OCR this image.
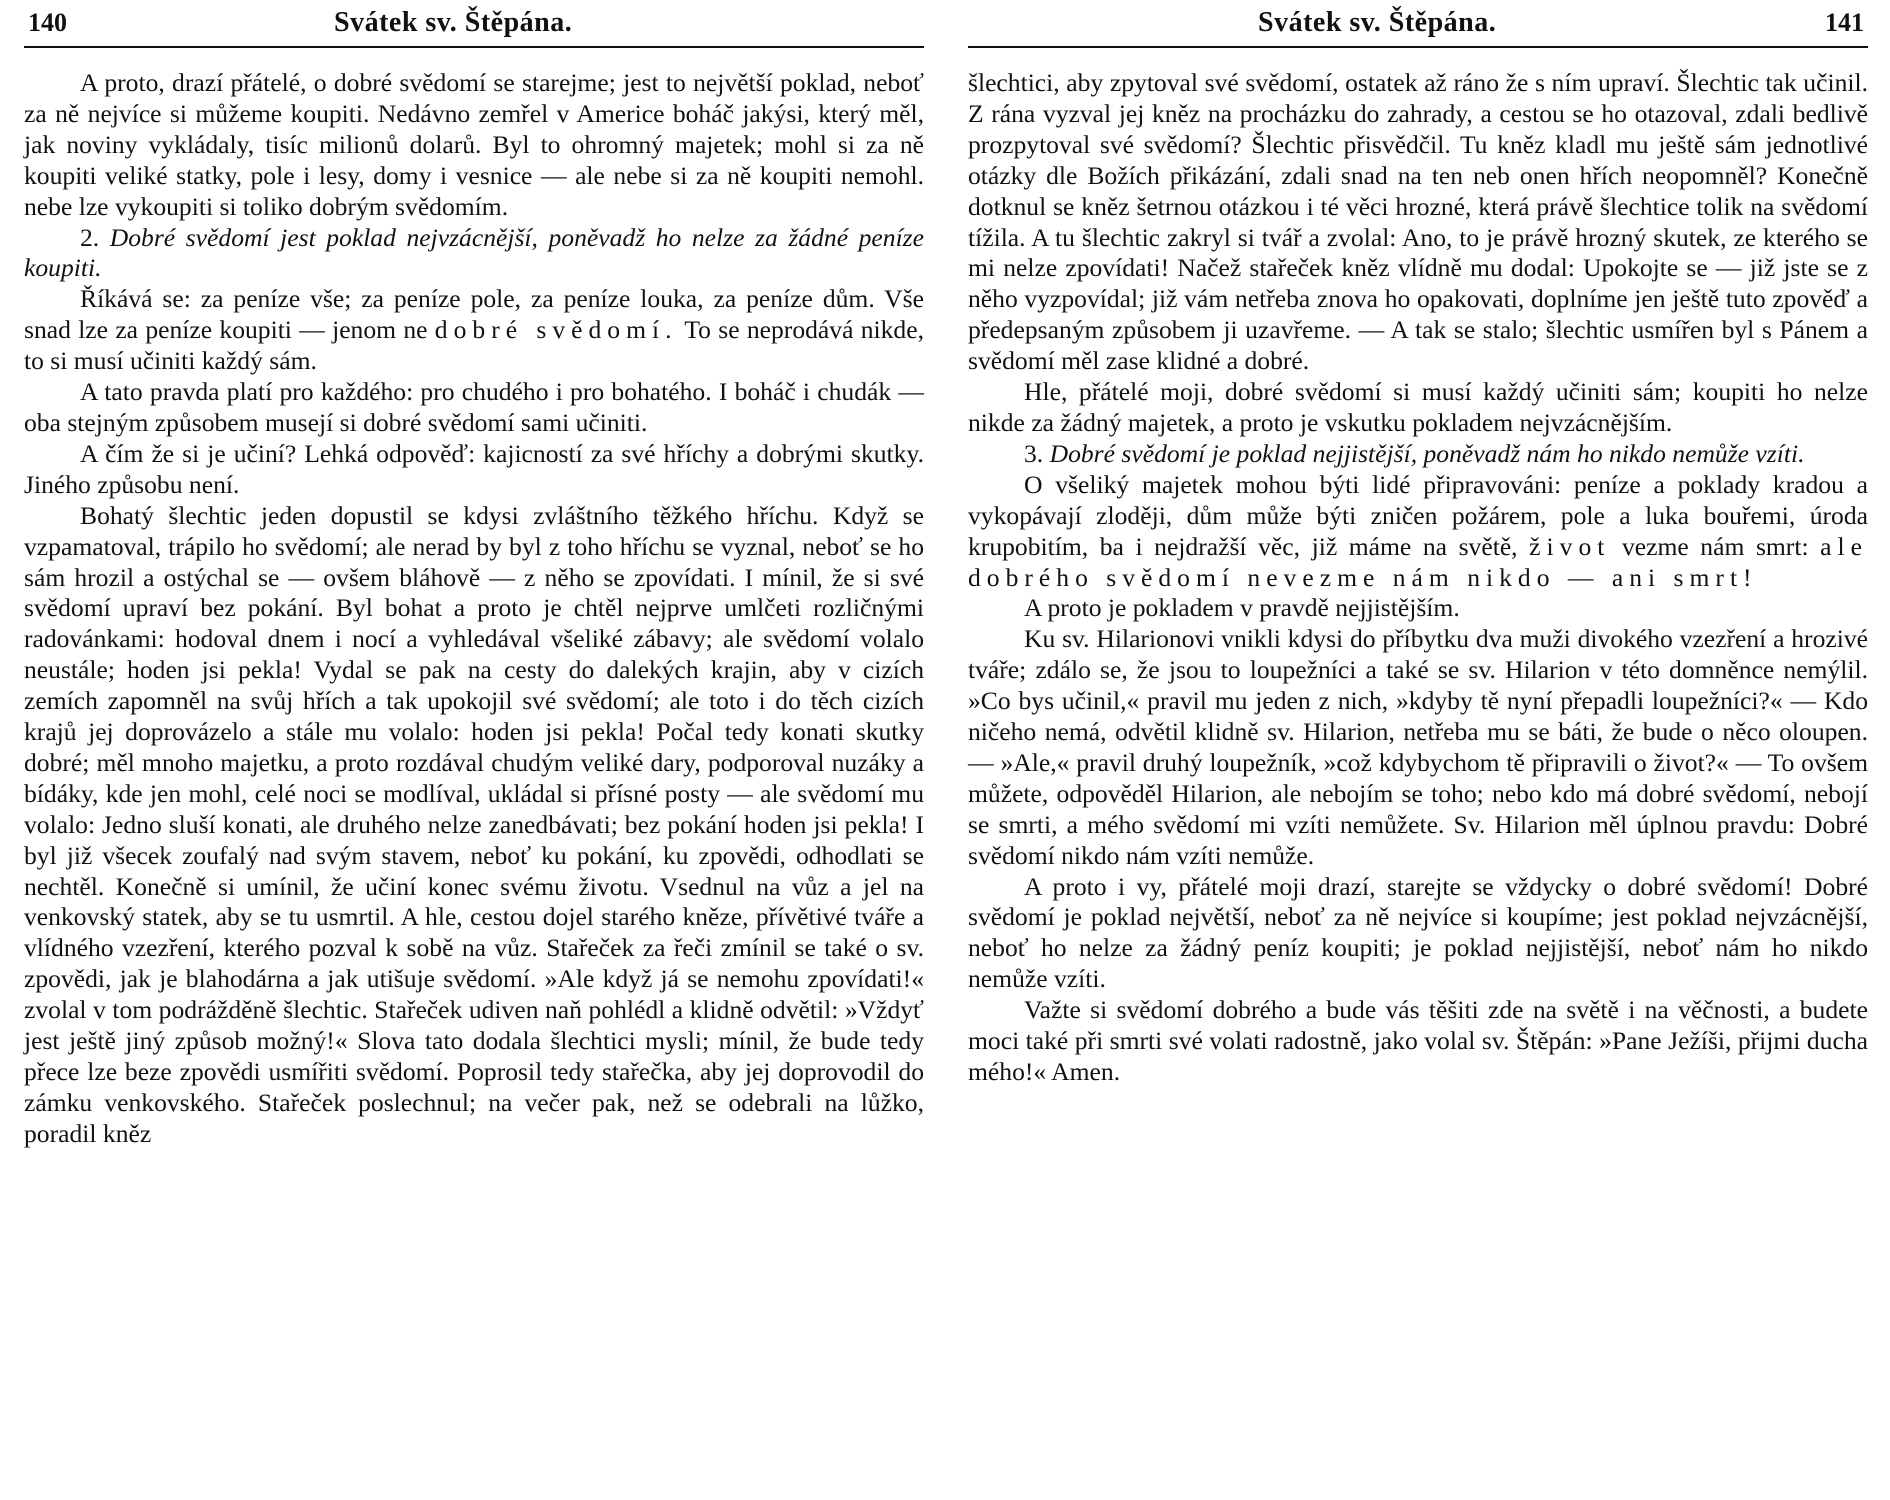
140	Svátek sv. Štěpána.

A proto, drazí přátelé, o dobré svědomí se starejme; jest to největší poklad, neboť za ně nejvíce si můžeme koupiti. Nedávno zemřel v Americe boháč jakýsi, který měl, jak noviny vykládaly, tisíc milionů dolarů. Byl to ohromný majetek; mohl si za ně koupiti veliké statky, pole i lesy, domy i vesnice — ale nebe si za ně koupiti nemohl. nebe lze vykoupiti si toliko dobrým svědomím.

2. Dobré svědomí jest poklad nejvzácnější, poněvadž ho nelze za žádné peníze koupiti.

Říkává se: za peníze vše; za peníze pole, za peníze louka, za peníze dům. Vše snad lze za peníze koupiti — jenom ne dobré svědomí. To se neprodává nikde, to si musí učiniti každý sám.

A tato pravda platí pro každého: pro chudého i pro bohatého. I boháč i chudák — oba stejným způsobem musejí si dobré svědomí sami učiniti.

A čím že si je učiní? Lehká odpověď: kajicností za své hříchy a dobrými skutky. Jiného způsobu není.

Bohatý šlechtic jeden dopustil se kdysi zvláštního těžkého hříchu. Když se vzpamatoval, trápilo ho svědomí; ale nerad by byl z toho hříchu se vyznal, neboť se ho sám hrozil a ostýchal se — ovšem bláhově — z něho se zpovídati. I mínil, že si své svědomí upraví bez pokání. Byl bohat a proto je chtěl nejprve umlčeti rozličnými radovánkami: hodoval dnem i nocí a vyhledával všeliké zábavy; ale svědomí volalo neustále; hoden jsi pekla! Vydal se pak na cesty do dalekých krajin, aby v cizích zemích zapomněl na svůj hřích a tak upokojil své svědomí; ale toto i do těch cizích krajů jej doprovázelo a stále mu volalo: hoden jsi pekla! Počal tedy konati skutky dobré; měl mnoho majetku, a proto rozdával chudým veliké dary, podporoval nuzáky a bídáky, kde jen mohl, celé noci se modlíval, ukládal si přísné posty — ale svědomí mu volalo: Jedno sluší konati, ale druhého nelze zanedbávati; bez pokání hoden jsi pekla! I byl již všecek zoufalý nad svým stavem, neboť ku pokání, ku zpovědi, odhodlati se nechtěl. Konečně si umínil, že učiní konec svému životu. Vsednul na vůz a jel na venkovský statek, aby se tu usmrtil. A hle, cestou dojel starého kněze, přívětivé tváře a vlídného vzezření, kterého pozval k sobě na vůz. Stařeček za řeči zmínil se také o sv. zpovědi, jak je blahodárna a jak utišuje svědomí. »Ale když já se nemohu zpovídati!« zvolal v tom podrážděně šlechtic. Stařeček udiven naň pohlédl a klidně odvětil: »Vždyť jest ještě jiný způsob možný!« Slova tato dodala šlechtici mysli; mínil, že bude tedy přece lze beze zpovědi usmířiti svědomí. Poprosil tedy stařečka, aby jej doprovodil do zámku venkovského. Stařeček poslechnul; na večer pak, než se odebrali na lůžko, poradil kněz

Svátek sv. Štěpána.	141

šlechtici, aby zpytoval své svědomí, ostatek až ráno že s ním upraví. Šlechtic tak učinil. Z rána vyzval jej kněz na procházku do zahrady, a cestou se ho otazoval, zdali bedlivě prozpytoval své svědomí? Šlechtic přisvědčil. Tu kněz kladl mu ještě sám jednotlivé otázky dle Božích přikázání, zdali snad na ten neb onen hřích neopomněl? Konečně dotknul se kněz šetrnou otázkou i té věci hrozné, která právě šlechtice tolik na svědomí tížila. A tu šlechtic zakryl si tvář a zvolal: Ano, to je právě hrozný skutek, ze kterého se mi nelze zpovídati! Načež stařeček kněz vlídně mu dodal: Upokojte se — již jste se z něho vyzpovídal; již vám netřeba znova ho opakovati, doplníme jen ještě tuto zpověď a předepsaným způsobem ji uzavřeme. — A tak se stalo; šlechtic usmířen byl s Pánem a svědomí měl zase klidné a dobré.

Hle, přátelé moji, dobré svědomí si musí každý učiniti sám; koupiti ho nelze nikde za žádný majetek, a proto je vskutku pokladem nejvzácnějším.

3. Dobré svědomí je poklad nejjistější, poněvadž nám ho nikdo nemůže vzíti.

O všeliký majetek mohou býti lidé připravováni: peníze a poklady kradou a vykopávají zloději, dům může býti zničen požárem, pole a luka bouřemi, úroda krupobitím, ba i nejdražší věc, již máme na světě, život vezme nám smrt: ale dobrého svědomí nevezme nám nikdo — ani smrt!

A proto je pokladem v pravdě nejjistějším.

Ku sv. Hilarionovi vnikli kdysi do příbytku dva muži divokého vzezření a hrozivé tváře; zdálo se, že jsou to loupežníci a také se sv. Hilarion v této domněnce nemýlil. »Co bys učinil,« pravil mu jeden z nich, »kdyby tě nyní přepadli loupežníci?« — Kdo ničeho nemá, odvětil klidně sv. Hilarion, netřeba mu se báti, že bude o něco oloupen. — »Ale,« pravil druhý loupežník, »což kdybychom tě připravili o život?« — To ovšem můžete, odpověděl Hilarion, ale nebojím se toho; nebo kdo má dobré svědomí, nebojí se smrti, a mého svědomí mi vzíti nemůžete. Sv. Hilarion měl úplnou pravdu: Dobré svědomí nikdo nám vzíti nemůže.

A proto i vy, přátelé moji drazí, starejte se vždycky o dobré svědomí! Dobré svědomí je poklad největší, neboť za ně nejvíce si koupíme; jest poklad nejvzácnější, neboť ho nelze za žádný peníz koupiti; je poklad nejjistější, neboť nám ho nikdo nemůže vzíti.

Važte si svědomí dobrého a bude vás těšiti zde na světě i na věčnosti, a budete moci také při smrti své volati radostně, jako volal sv. Štěpán: »Pane Ježíši, přijmi ducha mého!« Amen.
